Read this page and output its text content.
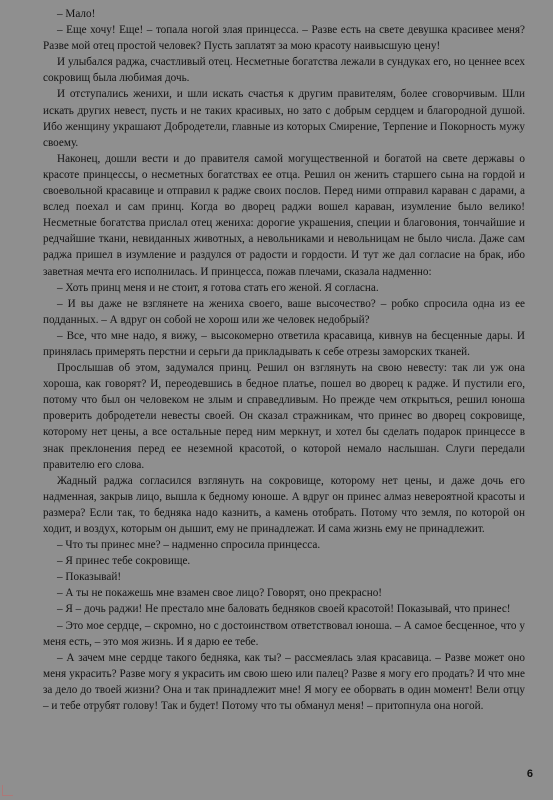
– Мало!

– Еще хочу! Еще! – топала ногой злая принцесса. – Разве есть на свете девушка красивее меня? Разве мой отец простой человек? Пусть заплатят за мою красоту наивысшую цену!

И улыбался раджа, счастливый отец. Несметные богатства лежали в сундуках его, но ценнее всех сокровищ была любимая дочь.

И отступались женихи, и шли искать счастья к другим правителям, более сговорчивым. Шли искать других невест, пусть и не таких красивых, но зато с добрым сердцем и благородной душой. Ибо женщину украшают Добродетели, главные из которых Смирение, Терпение и Покорность мужу своему.

Наконец, дошли вести и до правителя самой могущественной и богатой на свете державы о красоте принцессы, о несметных богатствах ее отца. Решил он женить старшего сына на гордой и своевольной красавице и отправил к радже своих послов. Перед ними отправил караван с дарами, а вслед поехал и сам принц. Когда во дворец раджи вошел караван, изумление было велико! Несметные богатства прислал отец жениха: дорогие украшения, специи и благовония, тончайшие и редчайшие ткани, невиданных животных, а невольниками и невольницам не было числа. Даже сам раджа пришел в изумление и раздулся от радости и гордости. И тут же дал согласие на брак, ибо заветная мечта его исполнилась. И принцесса, пожав плечами, сказала надменно:

– Хоть принц меня и не стоит, я готова стать его женой. Я согласна.

– И вы даже не взглянете на жениха своего, ваше высочество? – робко спросила одна из ее подданных. – А вдруг он собой не хорош или же человек недобрый?

– Все, что мне надо, я вижу, – высокомерно ответила красавица, кивнув на бесценные дары. И принялась примерять перстни и серьги да прикладывать к себе отрезы заморских тканей.

Прослышав об этом, задумался принц. Решил он взглянуть на свою невесту: так ли уж она хороша, как говорят? И, переодевшись в бедное платье, пошел во дворец к радже. И пустили его, потому что был он человеком не злым и справедливым. Но прежде чем открыться, решил юноша проверить добродетели невесты своей. Он сказал стражникам, что принес во дворец сокровище, которому нет цены, а все остальные перед ним меркнут, и хотел бы сделать подарок принцессе в знак преклонения перед ее неземной красотой, о которой немало наслышан. Слуги передали правителю его слова.

Жадный раджа согласился взглянуть на сокровище, которому нет цены, и даже дочь его надменная, закрыв лицо, вышла к бедному юноше. А вдруг он принес алмаз невероятной красоты и размера? Если так, то бедняка надо казнить, а камень отобрать. Потому что земля, по которой он ходит, и воздух, которым он дышит, ему не принадлежат. И сама жизнь ему не принадлежит.

– Что ты принес мне? – надменно спросила принцесса.

– Я принес тебе сокровище.

– Показывай!

– А ты не покажешь мне взамен свое лицо? Говорят, оно прекрасно!

– Я – дочь раджи! Не престало мне баловать бедняков своей красотой! Показывай, что принес!

– Это мое сердце, – скромно, но с достоинством ответствовал юноша. – А самое бесценное, что у меня есть, – это моя жизнь. И я дарю ее тебе.

– А зачем мне сердце такого бедняка, как ты? – рассмеялась злая красавица. – Разве может оно меня украсить? Разве могу я украсить им свою шею или палец? Разве я могу его продать? И что мне за дело до твоей жизни? Она и так принадлежит мне! Я могу ее оборвать в один момент! Вели отцу – и тебе отрубят голову! Так и будет! Потому что ты обманул меня! – притопнула она ногой.

6
